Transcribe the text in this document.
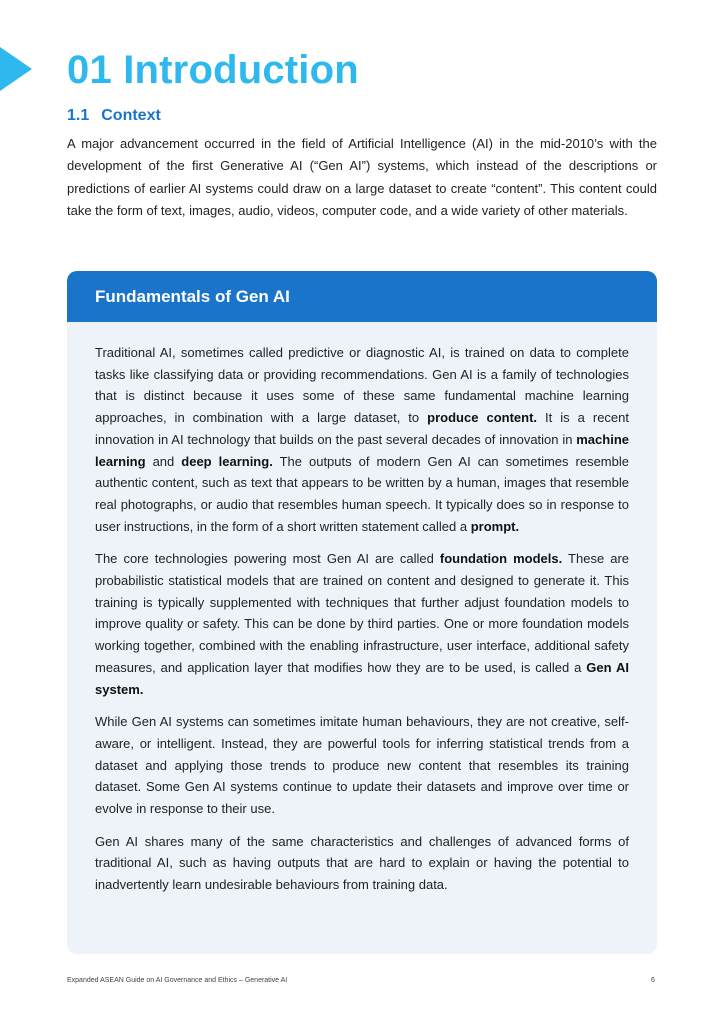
01 Introduction
1.1 Context

A major advancement occurred in the field of Artificial Intelligence (AI) in the mid-2010’s with the development of the first Generative AI (“Gen AI”) systems, which instead of the descriptions or predictions of earlier AI systems could draw on a large dataset to create “content”. This content could take the form of text, images, audio, videos, computer code, and a wide variety of other materials.

Fundamentals of Gen AI

Traditional AI, sometimes called predictive or diagnostic AI, is trained on data to complete tasks like classifying data or providing recommendations. Gen AI is a family of technologies that is distinct because it uses some of these same fundamental machine learning approaches, in combination with a large dataset, to produce content. It is a recent innovation in AI technology that builds on the past several decades of innovation in machine learning and deep learning. The outputs of modern Gen AI can sometimes resemble authentic content, such as text that appears to be written by a human, images that resemble real photographs, or audio that resembles human speech. It typically does so in response to user instructions, in the form of a short written statement called a prompt.

The core technologies powering most Gen AI are called foundation models. These are probabilistic statistical models that are trained on content and designed to generate it. This training is typically supplemented with techniques that further adjust foundation models to improve quality or safety. This can be done by third parties. One or more foundation models working together, combined with the enabling infrastructure, user interface, additional safety measures, and application layer that modifies how they are to be used, is called a Gen AI system.

While Gen AI systems can sometimes imitate human behaviours, they are not creative, self-aware, or intelligent. Instead, they are powerful tools for inferring statistical trends from a dataset and applying those trends to produce new content that resembles its training dataset. Some Gen AI systems continue to update their datasets and improve over time or evolve in response to their use.

Gen AI shares many of the same characteristics and challenges of advanced forms of traditional AI, such as having outputs that are hard to explain or having the potential to inadvertently learn undesirable behaviours from training data.

Expanded ASEAN Guide on AI Governance and Ethics – Generative AI	6
